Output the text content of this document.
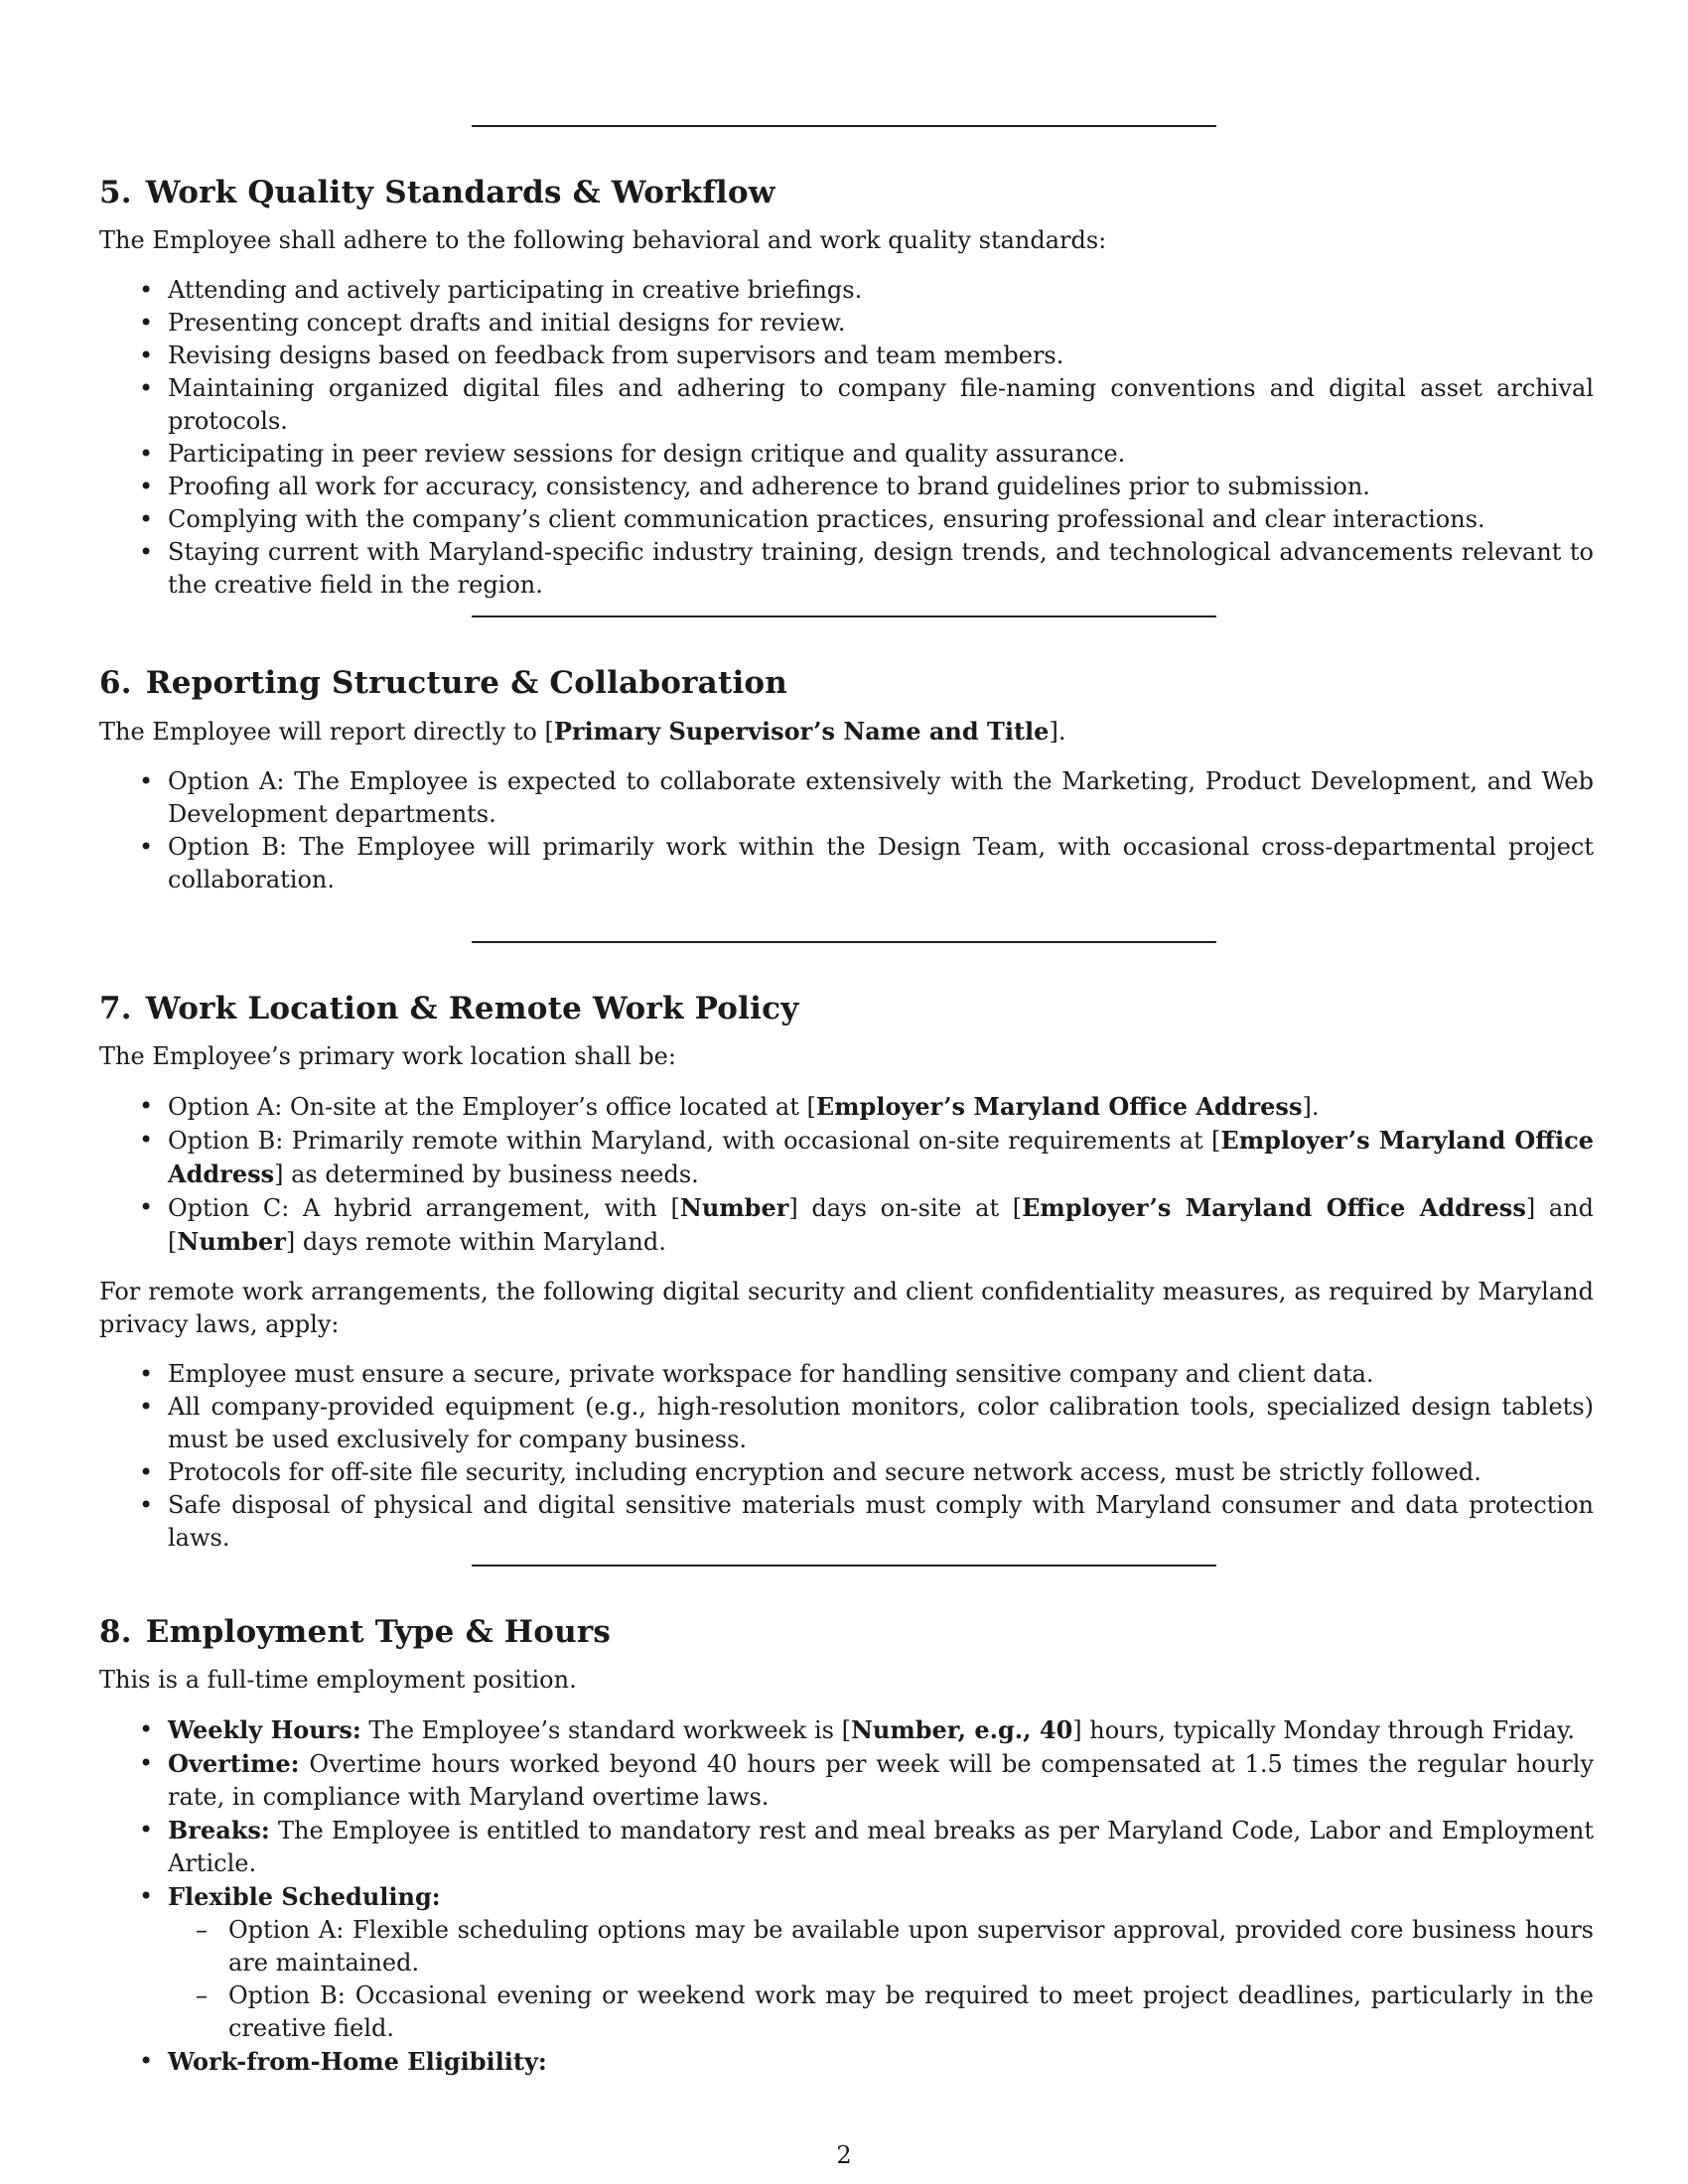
5. Work Quality Standards & Workflow

The Employee shall adhere to the following behavioral and work quality standards:

• Attending and actively participating in creative briefings.
• Presenting concept drafts and initial designs for review.
• Revising designs based on feedback from supervisors and team members.
• Maintaining organized digital files and adhering to company file-naming conventions and digital asset archival protocols.
• Participating in peer review sessions for design critique and quality assurance.
• Proofing all work for accuracy, consistency, and adherence to brand guidelines prior to submission.
• Complying with the company’s client communication practices, ensuring professional and clear interactions.
• Staying current with Maryland-specific industry training, design trends, and technological advancements relevant to the creative field in the region.
6. Reporting Structure & Collaboration

The Employee will report directly to [Primary Supervisor’s Name and Title].

• Option A: The Employee is expected to collaborate extensively with the Marketing, Product Development, and Web Development departments.
• Option B: The Employee will primarily work within the Design Team, with occasional cross-departmental project collaboration.
7. Work Location & Remote Work Policy

The Employee’s primary work location shall be:

• Option A: On-site at the Employer’s office located at [Employer’s Maryland Office Address].
• Option B: Primarily remote within Maryland, with occasional on-site requirements at [Employer’s Maryland Office Address] as determined by business needs.
• Option C: A hybrid arrangement, with [Number] days on-site at [Employer’s Maryland Office Address] and [Number] days remote within Maryland.

For remote work arrangements, the following digital security and client confidentiality measures, as required by Maryland privacy laws, apply:

• Employee must ensure a secure, private workspace for handling sensitive company and client data.
• All company-provided equipment (e.g., high-resolution monitors, color calibration tools, specialized design tablets) must be used exclusively for company business.
• Protocols for off-site file security, including encryption and secure network access, must be strictly followed.
• Safe disposal of physical and digital sensitive materials must comply with Maryland consumer and data protection laws.
8. Employment Type & Hours

This is a full-time employment position.

• Weekly Hours: The Employee’s standard workweek is [Number, e.g., 40] hours, typically Monday through Friday.
• Overtime: Overtime hours worked beyond 40 hours per week will be compensated at 1.5 times the regular hourly rate, in compliance with Maryland overtime laws.
• Breaks: The Employee is entitled to mandatory rest and meal breaks as per Maryland Code, Labor and Employment Article.
• Flexible Scheduling:
– Option A: Flexible scheduling options may be available upon supervisor approval, provided core business hours are maintained.
– Option B: Occasional evening or weekend work may be required to meet project deadlines, particularly in the creative field.
• Work-from-Home Eligibility:
2
